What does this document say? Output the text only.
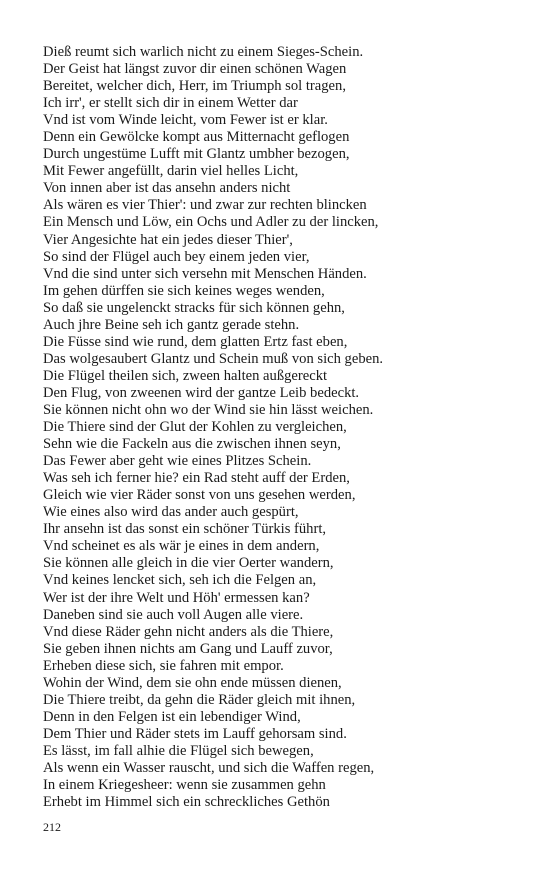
Dieß reumt sich warlich nicht zu einem Sieges-Schein.
Der Geist hat längst zuvor dir einen schönen Wagen
Bereitet, welcher dich, Herr, im Triumph sol tragen,
Ich irr', er stellt sich dir in einem Wetter dar
Vnd ist vom Winde leicht, vom Fewer ist er klar.
Denn ein Gewölcke kompt aus Mitternacht geflogen
Durch ungestüme Lufft mit Glantz umbher bezogen,
Mit Fewer angefüllt, darin viel helles Licht,
Von innen aber ist das ansehn anders nicht
Als wären es vier Thier': und zwar zur rechten blincken
Ein Mensch und Löw, ein Ochs und Adler zu der lincken,
Vier Angesichte hat ein jedes dieser Thier',
So sind der Flügel auch bey einem jeden vier,
Vnd die sind unter sich versehn mit Menschen Händen.
Im gehen dürffen sie sich keines weges wenden,
So daß sie ungelenckt stracks für sich können gehn,
Auch jhre Beine seh ich gantz gerade stehn.
Die Füsse sind wie rund, dem glatten Ertz fast eben,
Das wolgesaubert Glantz und Schein muß von sich geben.
Die Flügel theilen sich, zween halten außgereckt
Den Flug, von zweenen wird der gantze Leib bedeckt.
Sie können nicht ohn wo der Wind sie hin lässt weichen.
Die Thiere sind der Glut der Kohlen zu vergleichen,
Sehn wie die Fackeln aus die zwischen ihnen seyn,
Das Fewer aber geht wie eines Plitzes Schein.
Was seh ich ferner hie? ein Rad steht auff der Erden,
Gleich wie vier Räder sonst von uns gesehen werden,
Wie eines also wird das ander auch gespürt,
Ihr ansehn ist das sonst ein schöner Türkis führt,
Vnd scheinet es als wär je eines in dem andern,
Sie können alle gleich in die vier Oerter wandern,
Vnd keines lencket sich, seh ich die Felgen an,
Wer ist der ihre Welt und Höh' ermessen kan?
Daneben sind sie auch voll Augen alle viere.
Vnd diese Räder gehn nicht anders als die Thiere,
Sie geben ihnen nichts am Gang und Lauff zuvor,
Erheben diese sich, sie fahren mit empor.
Wohin der Wind, dem sie ohn ende müssen dienen,
Die Thiere treibt, da gehn die Räder gleich mit ihnen,
Denn in den Felgen ist ein lebendiger Wind,
Dem Thier und Räder stets im Lauff gehorsam sind.
Es lässt, im fall alhie die Flügel sich bewegen,
Als wenn ein Wasser rauscht, und sich die Waffen regen,
In einem Kriegesheer: wenn sie zusammen gehn
Erhebt im Himmel sich ein schreckliches Gethön
212
